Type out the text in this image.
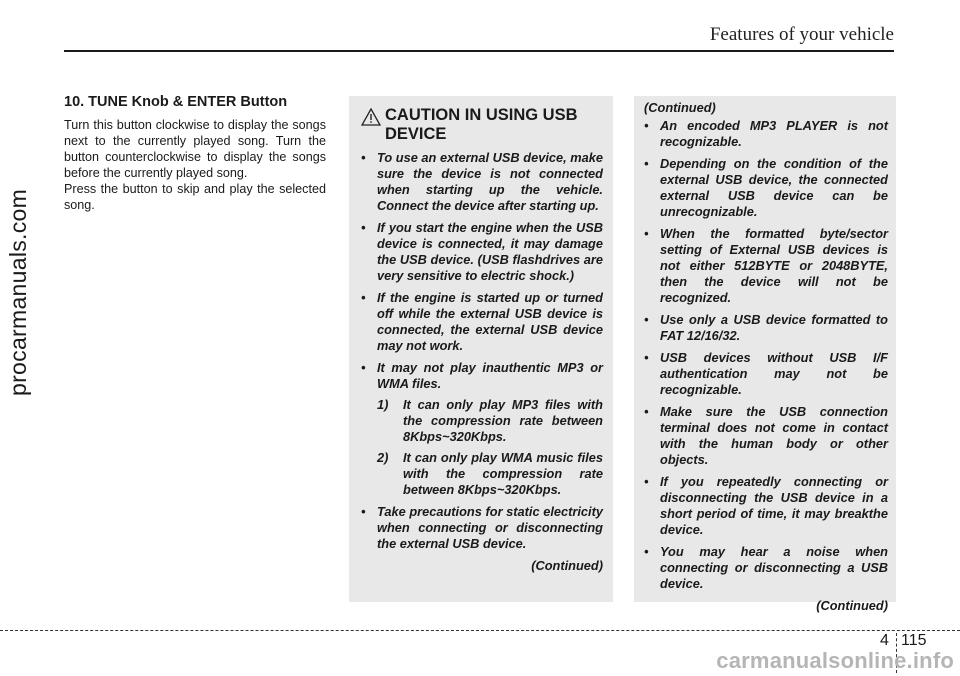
Features of your vehicle
procarmanuals.com
10. TUNE Knob & ENTER Button

Turn this button clockwise to display the songs next to the currently played song. Turn the button counterclockwise to display the songs before the currently played song.
Press the button to skip and play the selected song.

CAUTION IN USING USB DEVICE
• To use an external USB device, make sure the device is not connected when starting up the vehicle. Connect the device after starting up.
• If you start the engine when the USB device is connected, it may damage the USB device. (USB flashdrives are very sensitive to electric shock.)
• If the engine is started up or turned off while the external USB device is connected, the external USB device may not work.
• It may not play inauthentic MP3 or WMA files.
1) It can only play MP3 files with the compression rate between 8Kbps~320Kbps.
2) It can only play WMA music files with the compression rate between 8Kbps~320Kbps.
• Take precautions for static electricity when connecting or disconnecting the external USB device.
(Continued)
(Continued)
• An encoded MP3 PLAYER is not recognizable.
• Depending on the condition of the external USB device, the connected external USB device can be unrecognizable.
• When the formatted byte/sector setting of External USB devices is not either 512BYTE or 2048BYTE, then the device will not be recognized.
• Use only a USB device formatted to FAT 12/16/32.
• USB devices without USB I/F authentication may not be recognizable.
• Make sure the USB connection terminal does not come in contact with the human body or other objects.
• If you repeatedly connecting or disconnecting the USB device in a short period of time, it may breakthe device.
• You may hear a noise when connecting or disconnecting a USB device.
(Continued)
4 115
carmanualsonline.info
